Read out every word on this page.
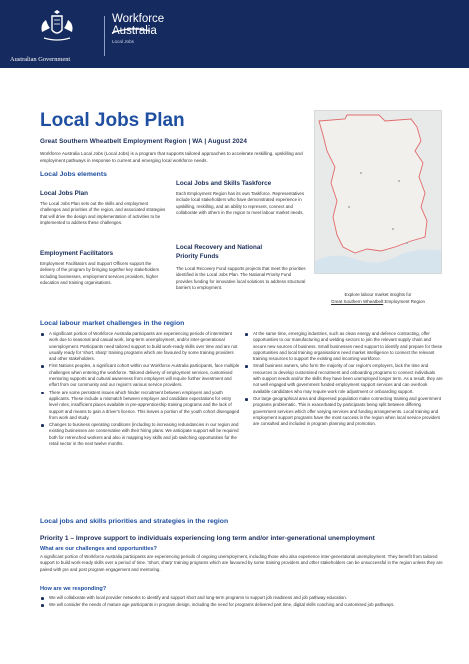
Australian Government
Workforce
Australia
Local Jobs
Local Jobs Plan
Great Southern Wheatbelt Employment Region | WA | August 2024
Workforce Australia Local Jobs (Local Jobs) is a program that supports tailored approaches to accelerate reskilling, upskilling and employment pathways in response to current and emerging local workforce needs.
Local Jobs elements
Local Jobs Plan
The Local Jobs Plan sets out the skills and employment challenges and priorities of the region, and associated strategies that will drive the design and implementation of activities to be implemented to address these challenges.
Employment Facilitators
Employment Facilitators and Support Officers support the delivery of the program by bringing together key stakeholders including businesses, employment services providers, higher education and training organisations.
Local Jobs and Skills Taskforce
Each Employment Region has its own Taskforce. Representatives include local stakeholders who have demonstrated experience in upskilling, reskilling, and an ability to represent, connect and collaborate with others in the region to meet labour market needs.
Local Recovery and National
Priority Funds
The Local Recovery Fund supports projects that meet the priorities identified in the Local Jobs Plan. The National Priority Fund provides funding for innovative local solutions to address structural barriers to employment.
Explore labour market insights for
Great Southern Wheatbelt Employment Region
Local labour market challenges in the region
A significant portion of Workforce Australia participants are experiencing periods of intermittent work due to seasonal and casual work, long-term unemployment, and/or inter-generational unemployment. Participants need tailored support to build work-ready skills over time and are not usually ready for 'short, sharp' training programs which are favoured by some training providers and other stakeholders.
First Nations peoples, a significant cohort within our Workforce Australia participants, face multiple challenges when entering the workforce. Tailored delivery of employment services, customised mentoring supports and cultural awareness from employers will require further investment and effort from our community and our region's various service providers.
There are some persistent issues which hinder recruitment between employers and youth applicants. These include a mismatch between employer and candidate expectations for entry level roles, insufficient places available in pre-apprenticeship training programs and the lack of support and means to gain a driver's licence. This leaves a portion of the youth cohort disengaged from work and study.
Changes to business operating conditions (including to increasing redundancies in our region and existing businesses are conservative with their hiring plans. We anticipate support will be required both for retrenched workers and also in mapping key skills and job switching opportunities for the retail sector in the next twelve months.
At the same time, emerging industries, such as clean energy and defence contracting, offer opportunities to our manufacturing and welding sectors to join the relevant supply chain and secure new sources of business. Small businesses need support to identify and prepare for these opportunities and local training organisations need market intelligence to connect the relevant training resources to support the existing and incoming workforce.
Small business owners, who form the majority of our region's employers, lack the time and resources to develop customised recruitment and onboarding programs to connect individuals with support needs and/or the skills they have been unemployed longer term. As a result, they are not well engaged with government funded employment support services and can overlook available candidates who may require work role adjustment or onboarding support.
Our large geographical area and dispersed population make connecting training and government programs problematic. This is exacerbated by participants being split between differing government services which offer varying services and funding arrangements. Local training and employment support programs have the most success in the region when local service providers are consulted and included in program planning and promotion.
Local jobs and skills priorities and strategies in the region
Priority 1 – Improve support to individuals experiencing long term and/or inter-generational unemployment
What are our challenges and opportunities?
A significant portion of Workforce Australia participants are experiencing periods of ongoing unemployment, including those who also experience inter-generational unemployment. They benefit from tailored support to build work-ready skills over a period of time. 'Short, sharp' training programs which are favoured by some training providers and other stakeholders can be unsuccessful in the region unless they are paired with pre and post program engagement and mentoring.
How are we responding?
We will collaborate with local provider networks to identify and support short and long-term programs to support job readiness and job pathway education.
We will consider the needs of mature age participants in program design, including the need for programs delivered part time, digital skills coaching and customised job pathways.
